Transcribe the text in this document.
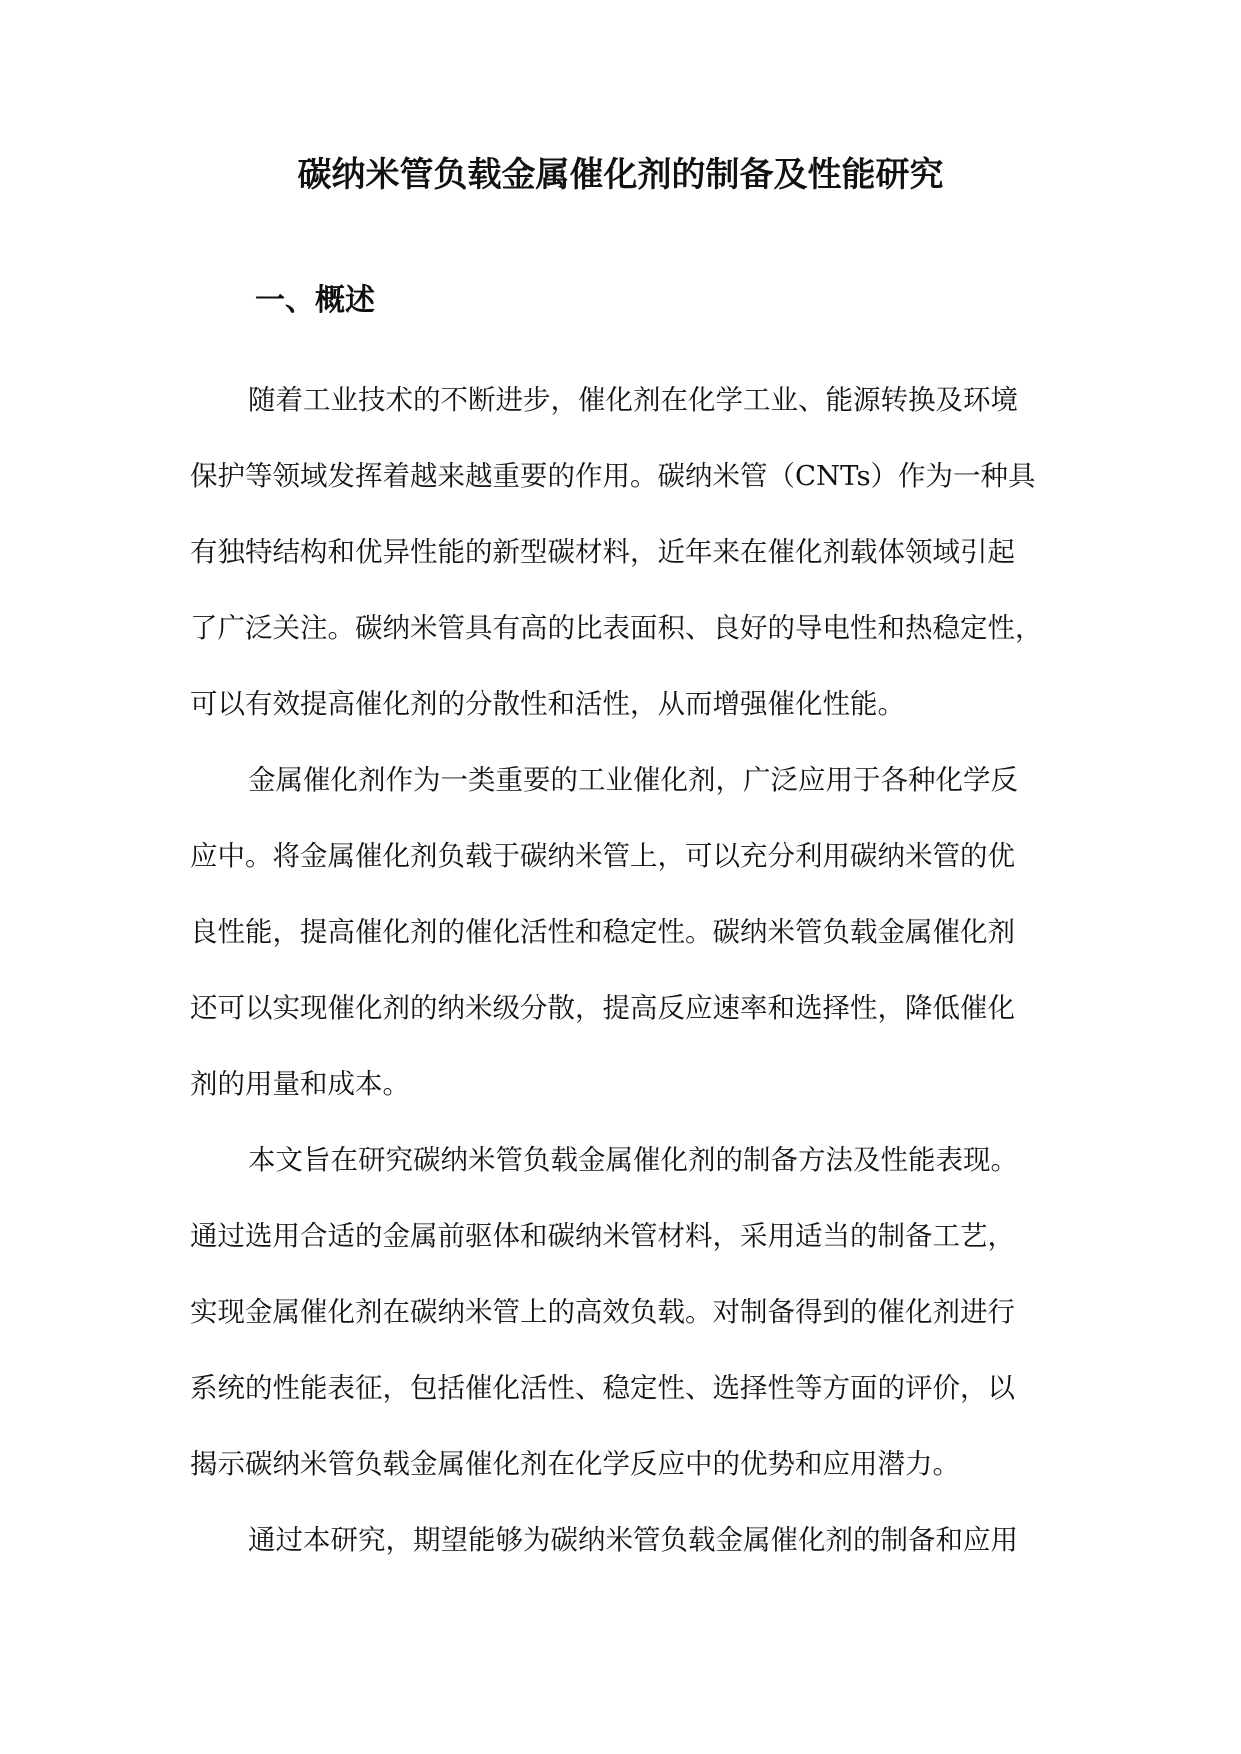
碳纳米管负载金属催化剂的制备及性能研究
一、概述
随着工业技术的不断进步，催化剂在化学工业、能源转换及环境
保护等领域发挥着越来越重要的作用。碳纳米管（CNTs）作为一种具
有独特结构和优异性能的新型碳材料，近年来在催化剂载体领域引起
了广泛关注。碳纳米管具有高的比表面积、良好的导电性和热稳定性，
可以有效提高催化剂的分散性和活性，从而增强催化性能。
金属催化剂作为一类重要的工业催化剂，广泛应用于各种化学反
应中。将金属催化剂负载于碳纳米管上，可以充分利用碳纳米管的优
良性能，提高催化剂的催化活性和稳定性。碳纳米管负载金属催化剂
还可以实现催化剂的纳米级分散，提高反应速率和选择性，降低催化
剂的用量和成本。
本文旨在研究碳纳米管负载金属催化剂的制备方法及性能表现。
通过选用合适的金属前驱体和碳纳米管材料，采用适当的制备工艺，
实现金属催化剂在碳纳米管上的高效负载。对制备得到的催化剂进行
系统的性能表征，包括催化活性、稳定性、选择性等方面的评价，以
揭示碳纳米管负载金属催化剂在化学反应中的优势和应用潜力。
通过本研究，期望能够为碳纳米管负载金属催化剂的制备和应用
